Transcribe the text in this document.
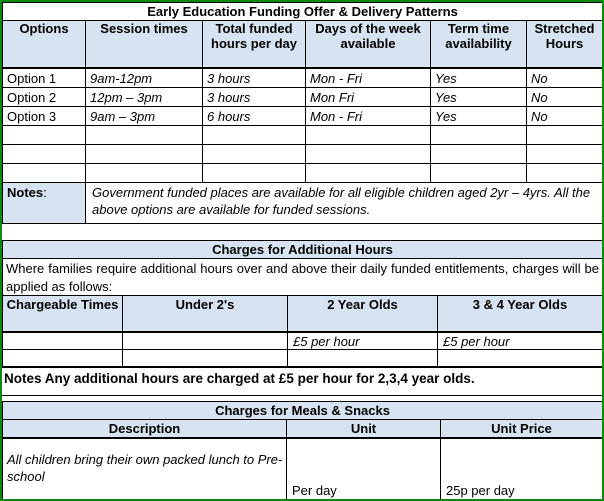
Early Education Funding Offer & Delivery Patterns					
Options	Session times	Total funded hours per day	Days of the week available	Term time availability	Stretched Hours
Option 1	9am-12pm	3 hours	Mon - Fri	Yes	No
Option 2	12pm – 3pm	3 hours	Mon Fri	Yes	No
Option 3	9am – 3pm	6 hours	Mon - Fri	Yes	No

Notes:	Government funded places are available for all eligible children aged 2yr – 4yrs. All the above options are available for funded sessions.				
Charges for Additional Hours			
Where families require additional hours over and above their daily funded entitlements, charges will be applied as follows:			
Chargeable Times	Under 2's	2 Year Olds	3 & 4 Year Olds
		£5 per hour	£5 per hour

Notes Any additional hours are charged at £5 per hour for 2,3,4 year olds.
Charges for Meals & Snacks		
Description	Unit	Unit Price
All children bring their own packed lunch to Pre-school	Per day	25p per day
